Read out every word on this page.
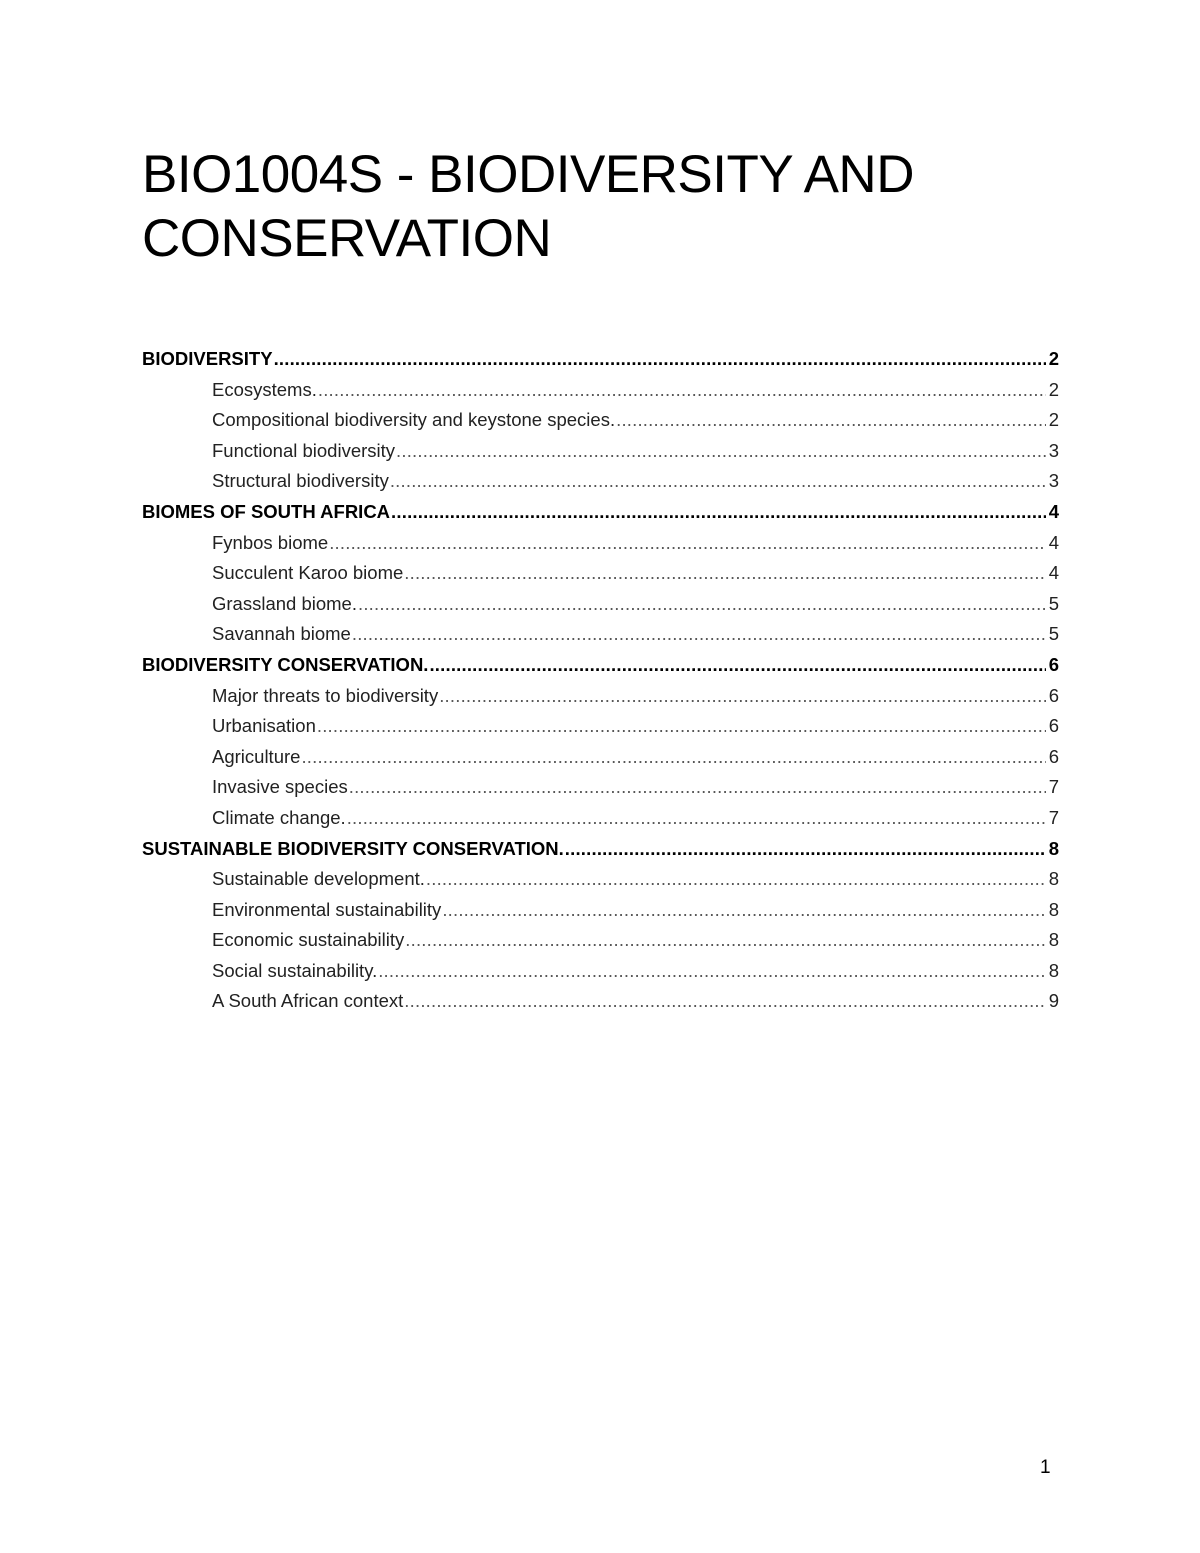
BIO1004S - BIODIVERSITY AND CONSERVATION
BIODIVERSITY .....	2
Ecosystems. .....	2
Compositional biodiversity and keystone species. .....	2
Functional biodiversity .....	3
Structural biodiversity .....	3
BIOMES OF SOUTH AFRICA .....	4
Fynbos biome .....	4
Succulent Karoo biome .....	4
Grassland biome. .....	5
Savannah biome .....	5
BIODIVERSITY CONSERVATION. .....	6
Major threats to biodiversity .....	6
Urbanisation .....	6
Agriculture .....	6
Invasive species .....	7
Climate change. .....	7
SUSTAINABLE BIODIVERSITY CONSERVATION. .....	8
Sustainable development. .....	8
Environmental sustainability .....	8
Economic sustainability .....	8
Social sustainability. .....	8
A South African context .....	9
1
